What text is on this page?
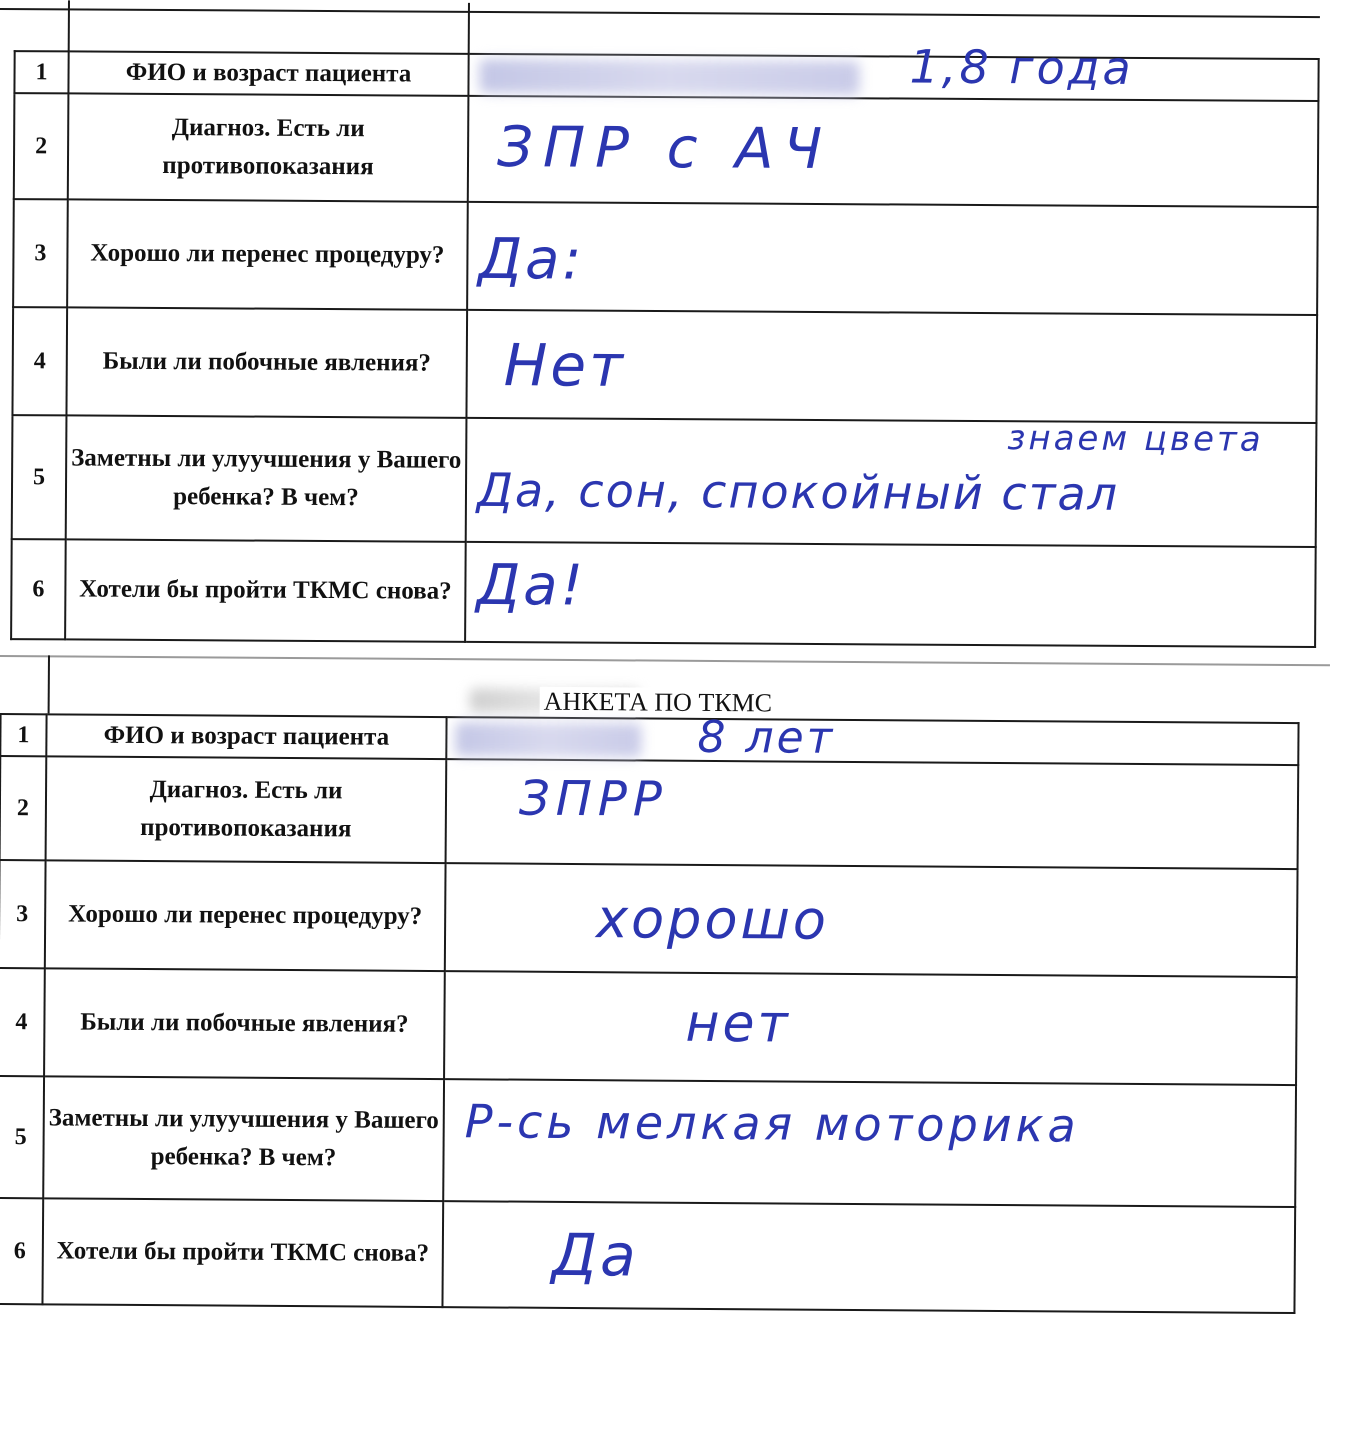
1	ФИО и возраст пациента	1,8 года

2	Диагноз. Есть ли противопоказания	ЗПР с АЧ

3	Хорошо ли перенес процедуру?	Да:

4	Были ли побочные явления?	Нет

5	Заметны ли улуучшения у Вашего ребенка? В чем?	знаем цвета
Да, сон, спокойный стал

6	Хотели бы пройти ТКМС снова?	Да!
АНКЕТА ПО ТКМС
1	ФИО и возраст пациента	8 лет

2	Диагноз. Есть ли противопоказания	ЗПРР

3	Хорошо ли перенес процедуру?	хорошо

4	Были ли побочные явления?	нет

5	Заметны ли улуучшения у Вашего ребенка? В чем?	Р-сь мелкая моторика

6	Хотели бы пройти ТКМС снова?	Да
